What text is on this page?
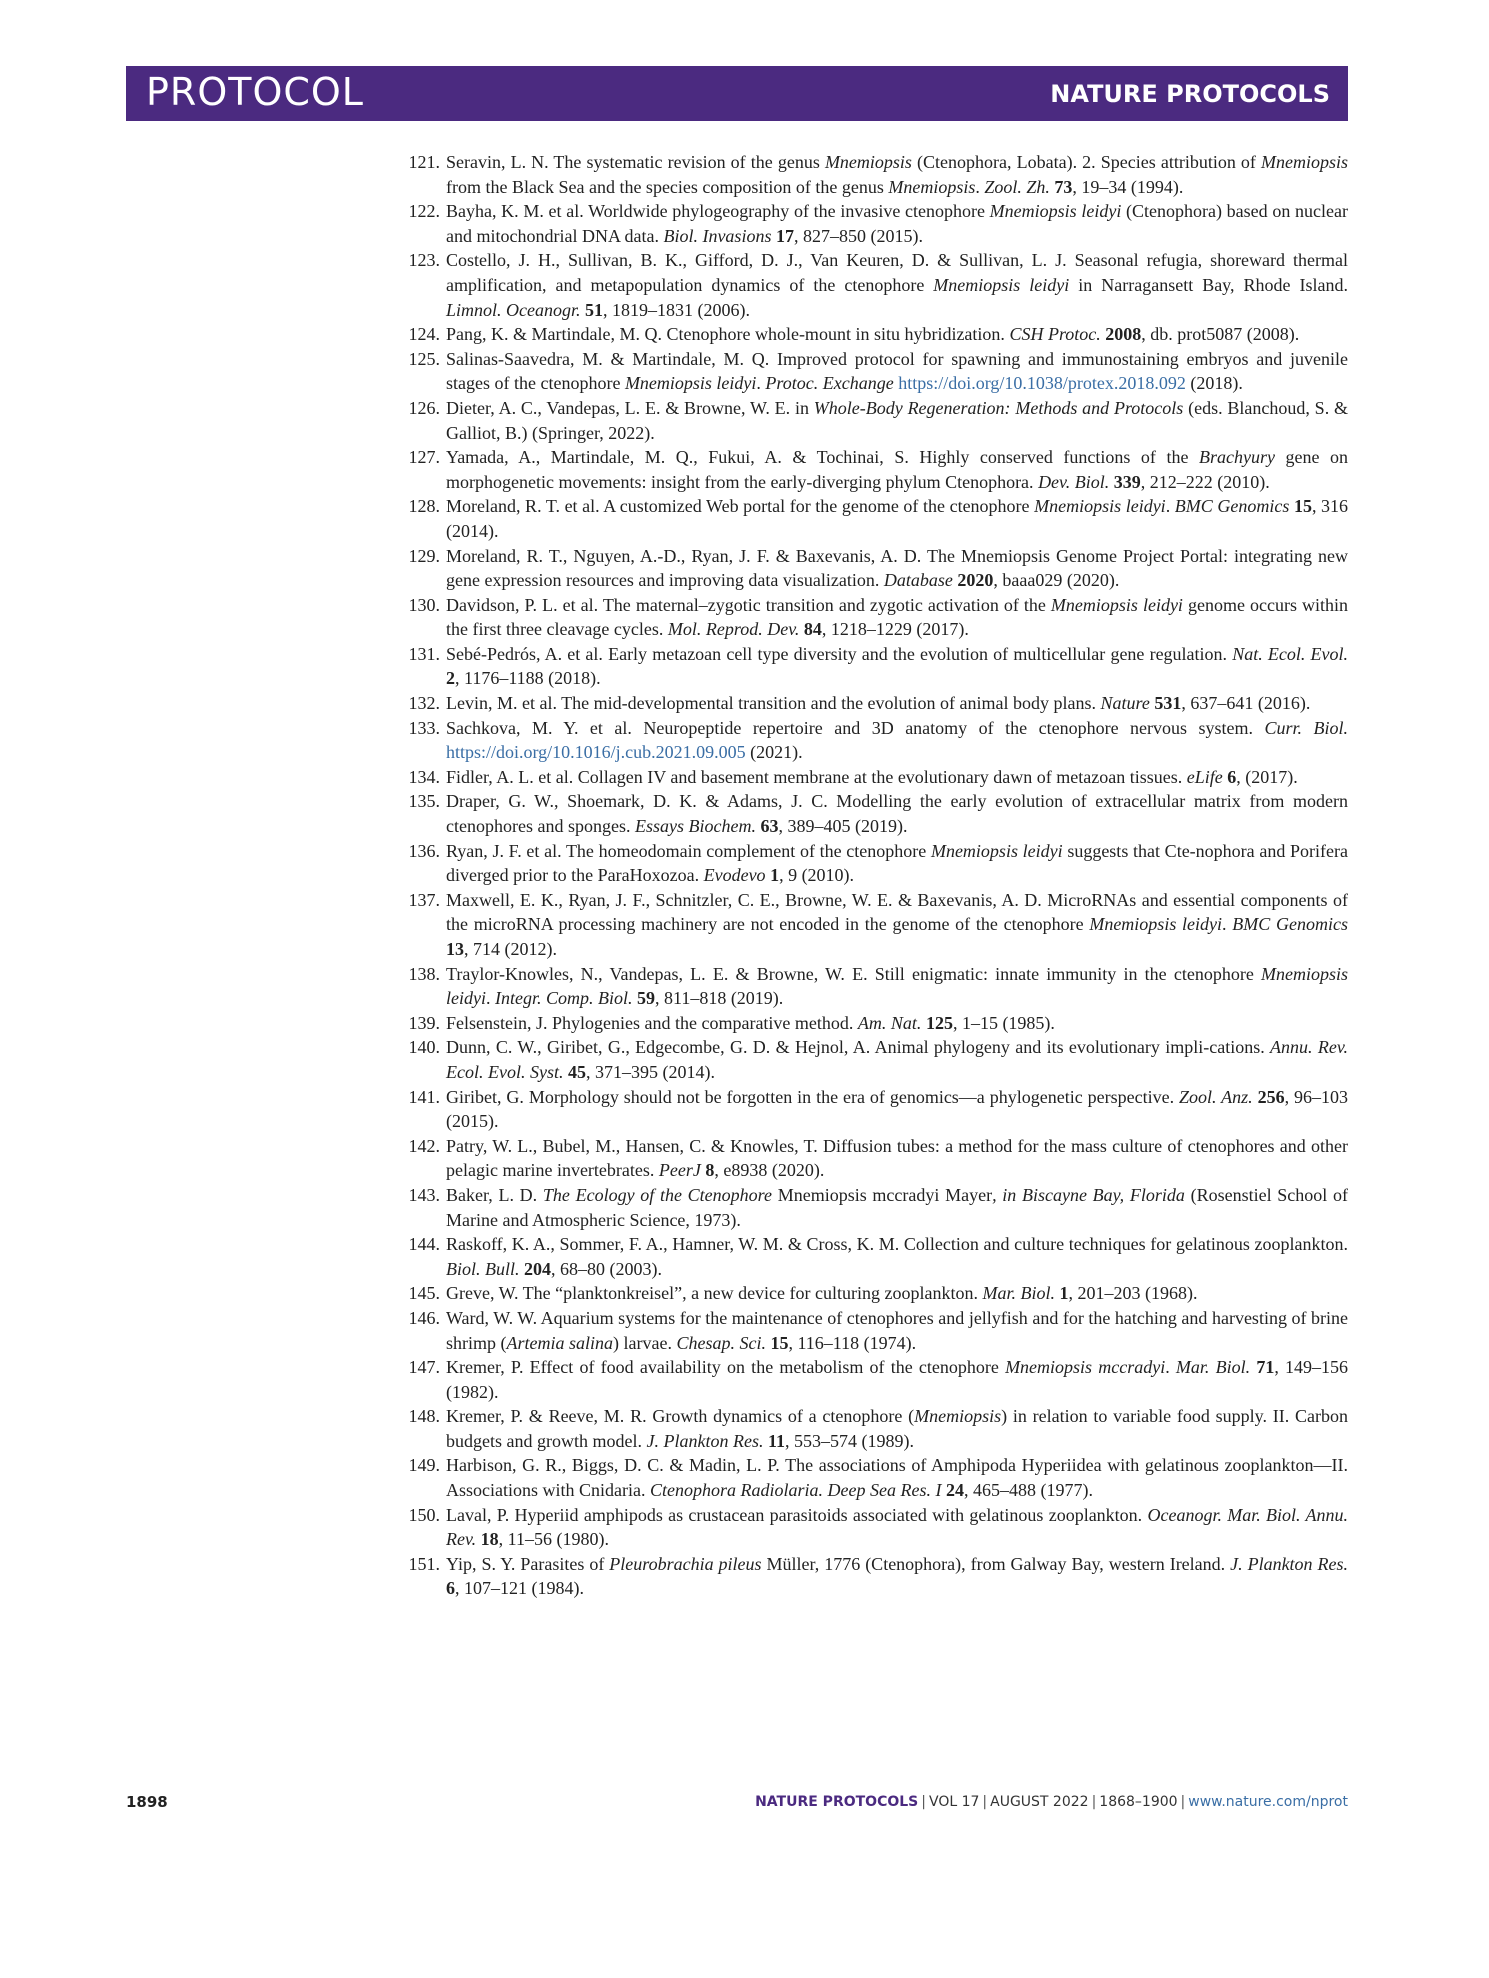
PROTOCOL	NATURE PROTOCOLS
121. Seravin, L. N. The systematic revision of the genus Mnemiopsis (Ctenophora, Lobata). 2. Species attribution of Mnemiopsis from the Black Sea and the species composition of the genus Mnemiopsis. Zool. Zh. 73, 19–34 (1994).
122. Bayha, K. M. et al. Worldwide phylogeography of the invasive ctenophore Mnemiopsis leidyi (Ctenophora) based on nuclear and mitochondrial DNA data. Biol. Invasions 17, 827–850 (2015).
123. Costello, J. H., Sullivan, B. K., Gifford, D. J., Van Keuren, D. & Sullivan, L. J. Seasonal refugia, shoreward thermal amplification, and metapopulation dynamics of the ctenophore Mnemiopsis leidyi in Narragansett Bay, Rhode Island. Limnol. Oceanogr. 51, 1819–1831 (2006).
124. Pang, K. & Martindale, M. Q. Ctenophore whole-mount in situ hybridization. CSH Protoc. 2008, db. prot5087 (2008).
125. Salinas-Saavedra, M. & Martindale, M. Q. Improved protocol for spawning and immunostaining embryos and juvenile stages of the ctenophore Mnemiopsis leidyi. Protoc. Exchange https://doi.org/10.1038/protex.2018.092 (2018).
126. Dieter, A. C., Vandepas, L. E. & Browne, W. E. in Whole-Body Regeneration: Methods and Protocols (eds. Blanchoud, S. & Galliot, B.) (Springer, 2022).
127. Yamada, A., Martindale, M. Q., Fukui, A. & Tochinai, S. Highly conserved functions of the Brachyury gene on morphogenetic movements: insight from the early-diverging phylum Ctenophora. Dev. Biol. 339, 212–222 (2010).
128. Moreland, R. T. et al. A customized Web portal for the genome of the ctenophore Mnemiopsis leidyi. BMC Genomics 15, 316 (2014).
129. Moreland, R. T., Nguyen, A.-D., Ryan, J. F. & Baxevanis, A. D. The Mnemiopsis Genome Project Portal: integrating new gene expression resources and improving data visualization. Database 2020, baaa029 (2020).
130. Davidson, P. L. et al. The maternal–zygotic transition and zygotic activation of the Mnemiopsis leidyi genome occurs within the first three cleavage cycles. Mol. Reprod. Dev. 84, 1218–1229 (2017).
131. Sebé-Pedrós, A. et al. Early metazoan cell type diversity and the evolution of multicellular gene regulation. Nat. Ecol. Evol. 2, 1176–1188 (2018).
132. Levin, M. et al. The mid-developmental transition and the evolution of animal body plans. Nature 531, 637–641 (2016).
133. Sachkova, M. Y. et al. Neuropeptide repertoire and 3D anatomy of the ctenophore nervous system. Curr. Biol. https://doi.org/10.1016/j.cub.2021.09.005 (2021).
134. Fidler, A. L. et al. Collagen IV and basement membrane at the evolutionary dawn of metazoan tissues. eLife 6, (2017).
135. Draper, G. W., Shoemark, D. K. & Adams, J. C. Modelling the early evolution of extracellular matrix from modern ctenophores and sponges. Essays Biochem. 63, 389–405 (2019).
136. Ryan, J. F. et al. The homeodomain complement of the ctenophore Mnemiopsis leidyi suggests that Cte-nophora and Porifera diverged prior to the ParaHoxozoa. Evodevo 1, 9 (2010).
137. Maxwell, E. K., Ryan, J. F., Schnitzler, C. E., Browne, W. E. & Baxevanis, A. D. MicroRNAs and essential components of the microRNA processing machinery are not encoded in the genome of the ctenophore Mnemiopsis leidyi. BMC Genomics 13, 714 (2012).
138. Traylor-Knowles, N., Vandepas, L. E. & Browne, W. E. Still enigmatic: innate immunity in the ctenophore Mnemiopsis leidyi. Integr. Comp. Biol. 59, 811–818 (2019).
139. Felsenstein, J. Phylogenies and the comparative method. Am. Nat. 125, 1–15 (1985).
140. Dunn, C. W., Giribet, G., Edgecombe, G. D. & Hejnol, A. Animal phylogeny and its evolutionary impli-cations. Annu. Rev. Ecol. Evol. Syst. 45, 371–395 (2014).
141. Giribet, G. Morphology should not be forgotten in the era of genomics—a phylogenetic perspective. Zool. Anz. 256, 96–103 (2015).
142. Patry, W. L., Bubel, M., Hansen, C. & Knowles, T. Diffusion tubes: a method for the mass culture of ctenophores and other pelagic marine invertebrates. PeerJ 8, e8938 (2020).
143. Baker, L. D. The Ecology of the Ctenophore Mnemiopsis mccradyi Mayer, in Biscayne Bay, Florida (Rosenstiel School of Marine and Atmospheric Science, 1973).
144. Raskoff, K. A., Sommer, F. A., Hamner, W. M. & Cross, K. M. Collection and culture techniques for gelatinous zooplankton. Biol. Bull. 204, 68–80 (2003).
145. Greve, W. The “planktonkreisel”, a new device for culturing zooplankton. Mar. Biol. 1, 201–203 (1968).
146. Ward, W. W. Aquarium systems for the maintenance of ctenophores and jellyfish and for the hatching and harvesting of brine shrimp (Artemia salina) larvae. Chesap. Sci. 15, 116–118 (1974).
147. Kremer, P. Effect of food availability on the metabolism of the ctenophore Mnemiopsis mccradyi. Mar. Biol. 71, 149–156 (1982).
148. Kremer, P. & Reeve, M. R. Growth dynamics of a ctenophore (Mnemiopsis) in relation to variable food supply. II. Carbon budgets and growth model. J. Plankton Res. 11, 553–574 (1989).
149. Harbison, G. R., Biggs, D. C. & Madin, L. P. The associations of Amphipoda Hyperiidea with gelatinous zooplankton—II. Associations with Cnidaria. Ctenophora Radiolaria. Deep Sea Res. I 24, 465–488 (1977).
150. Laval, P. Hyperiid amphipods as crustacean parasitoids associated with gelatinous zooplankton. Oceanogr. Mar. Biol. Annu. Rev. 18, 11–56 (1980).
151. Yip, S. Y. Parasites of Pleurobrachia pileus Müller, 1776 (Ctenophora), from Galway Bay, western Ireland. J. Plankton Res. 6, 107–121 (1984).
1898	NATURE PROTOCOLS | VOL 17 | AUGUST 2022 | 1868–1900 | www.nature.com/nprot
